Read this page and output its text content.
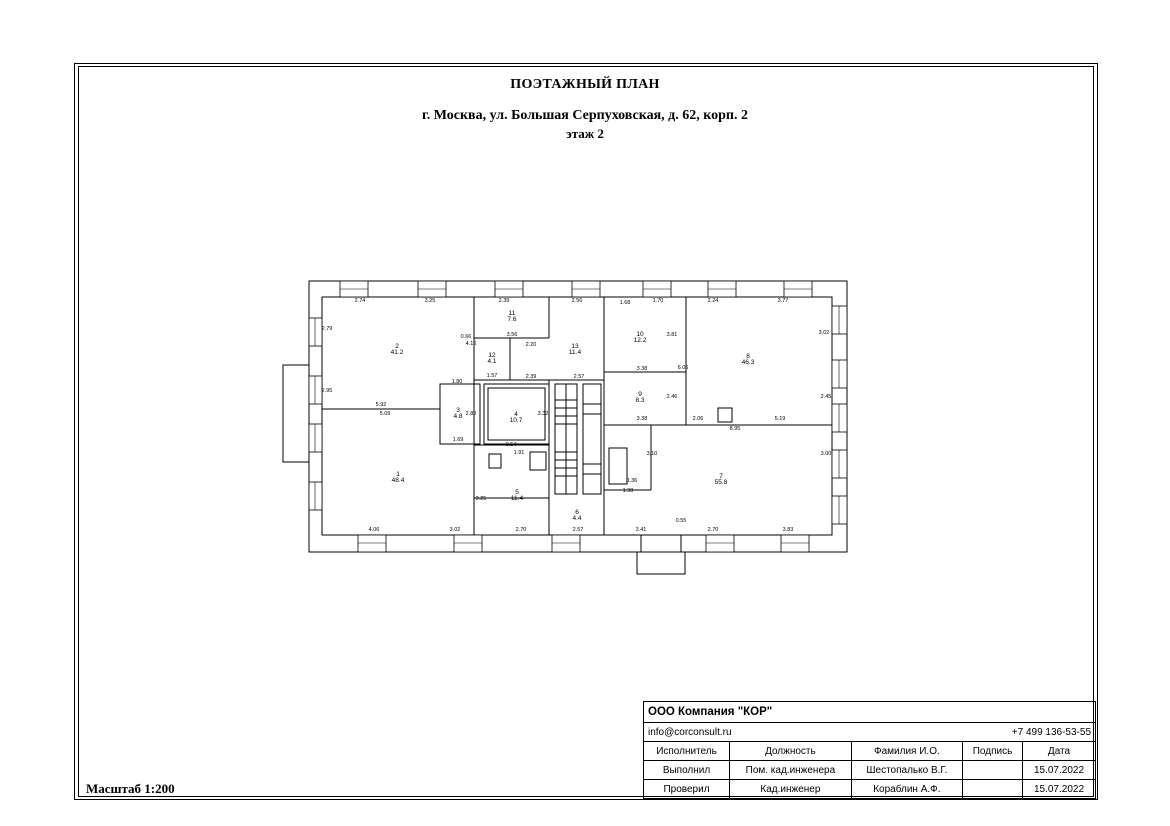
ПОЭТАЖНЫЙ ПЛАН
г. Москва, ул. Большая Серпуховская, д. 62, корп. 2
этаж 2
2
41.2
3
4.8	4
10.7
5
11.4
6
4.4
7
55.8
8
46.3
9
8.3
10
12.2
11
7.6
12
4.1
13
11.4
1
48.4
2.74	3.25	2.39	2.56	1.68	1.70	2.24	3.77
3.56
2.20
1.80
1.57	2.39	2.57
3.38
3.38
5.92
5.09
8.95
5.19
2.06
3.54
1.91
1.98
1.36
4.06	3.02	2.70	2.57	3.41	2.70	3.83
2.79
2.95
1.69
4.16
2.80	3.32
3.81
6.06
2.46
3.02
2.45
3.00
3.10
3.25
0.66
0.55
Масштаб 1:200
ООО Компания "КОР"				
info@corconsult.ru			+7 499 136-53-55	
Исполнитель	Должность	Фамилия И.О.	Подпись	Дата
Выполнил	Пом. кад.инженера	Шестопалько В.Г.		15.07.2022
Проверил	Кад.инженер	Кораблин А.Ф.		15.07.2022
